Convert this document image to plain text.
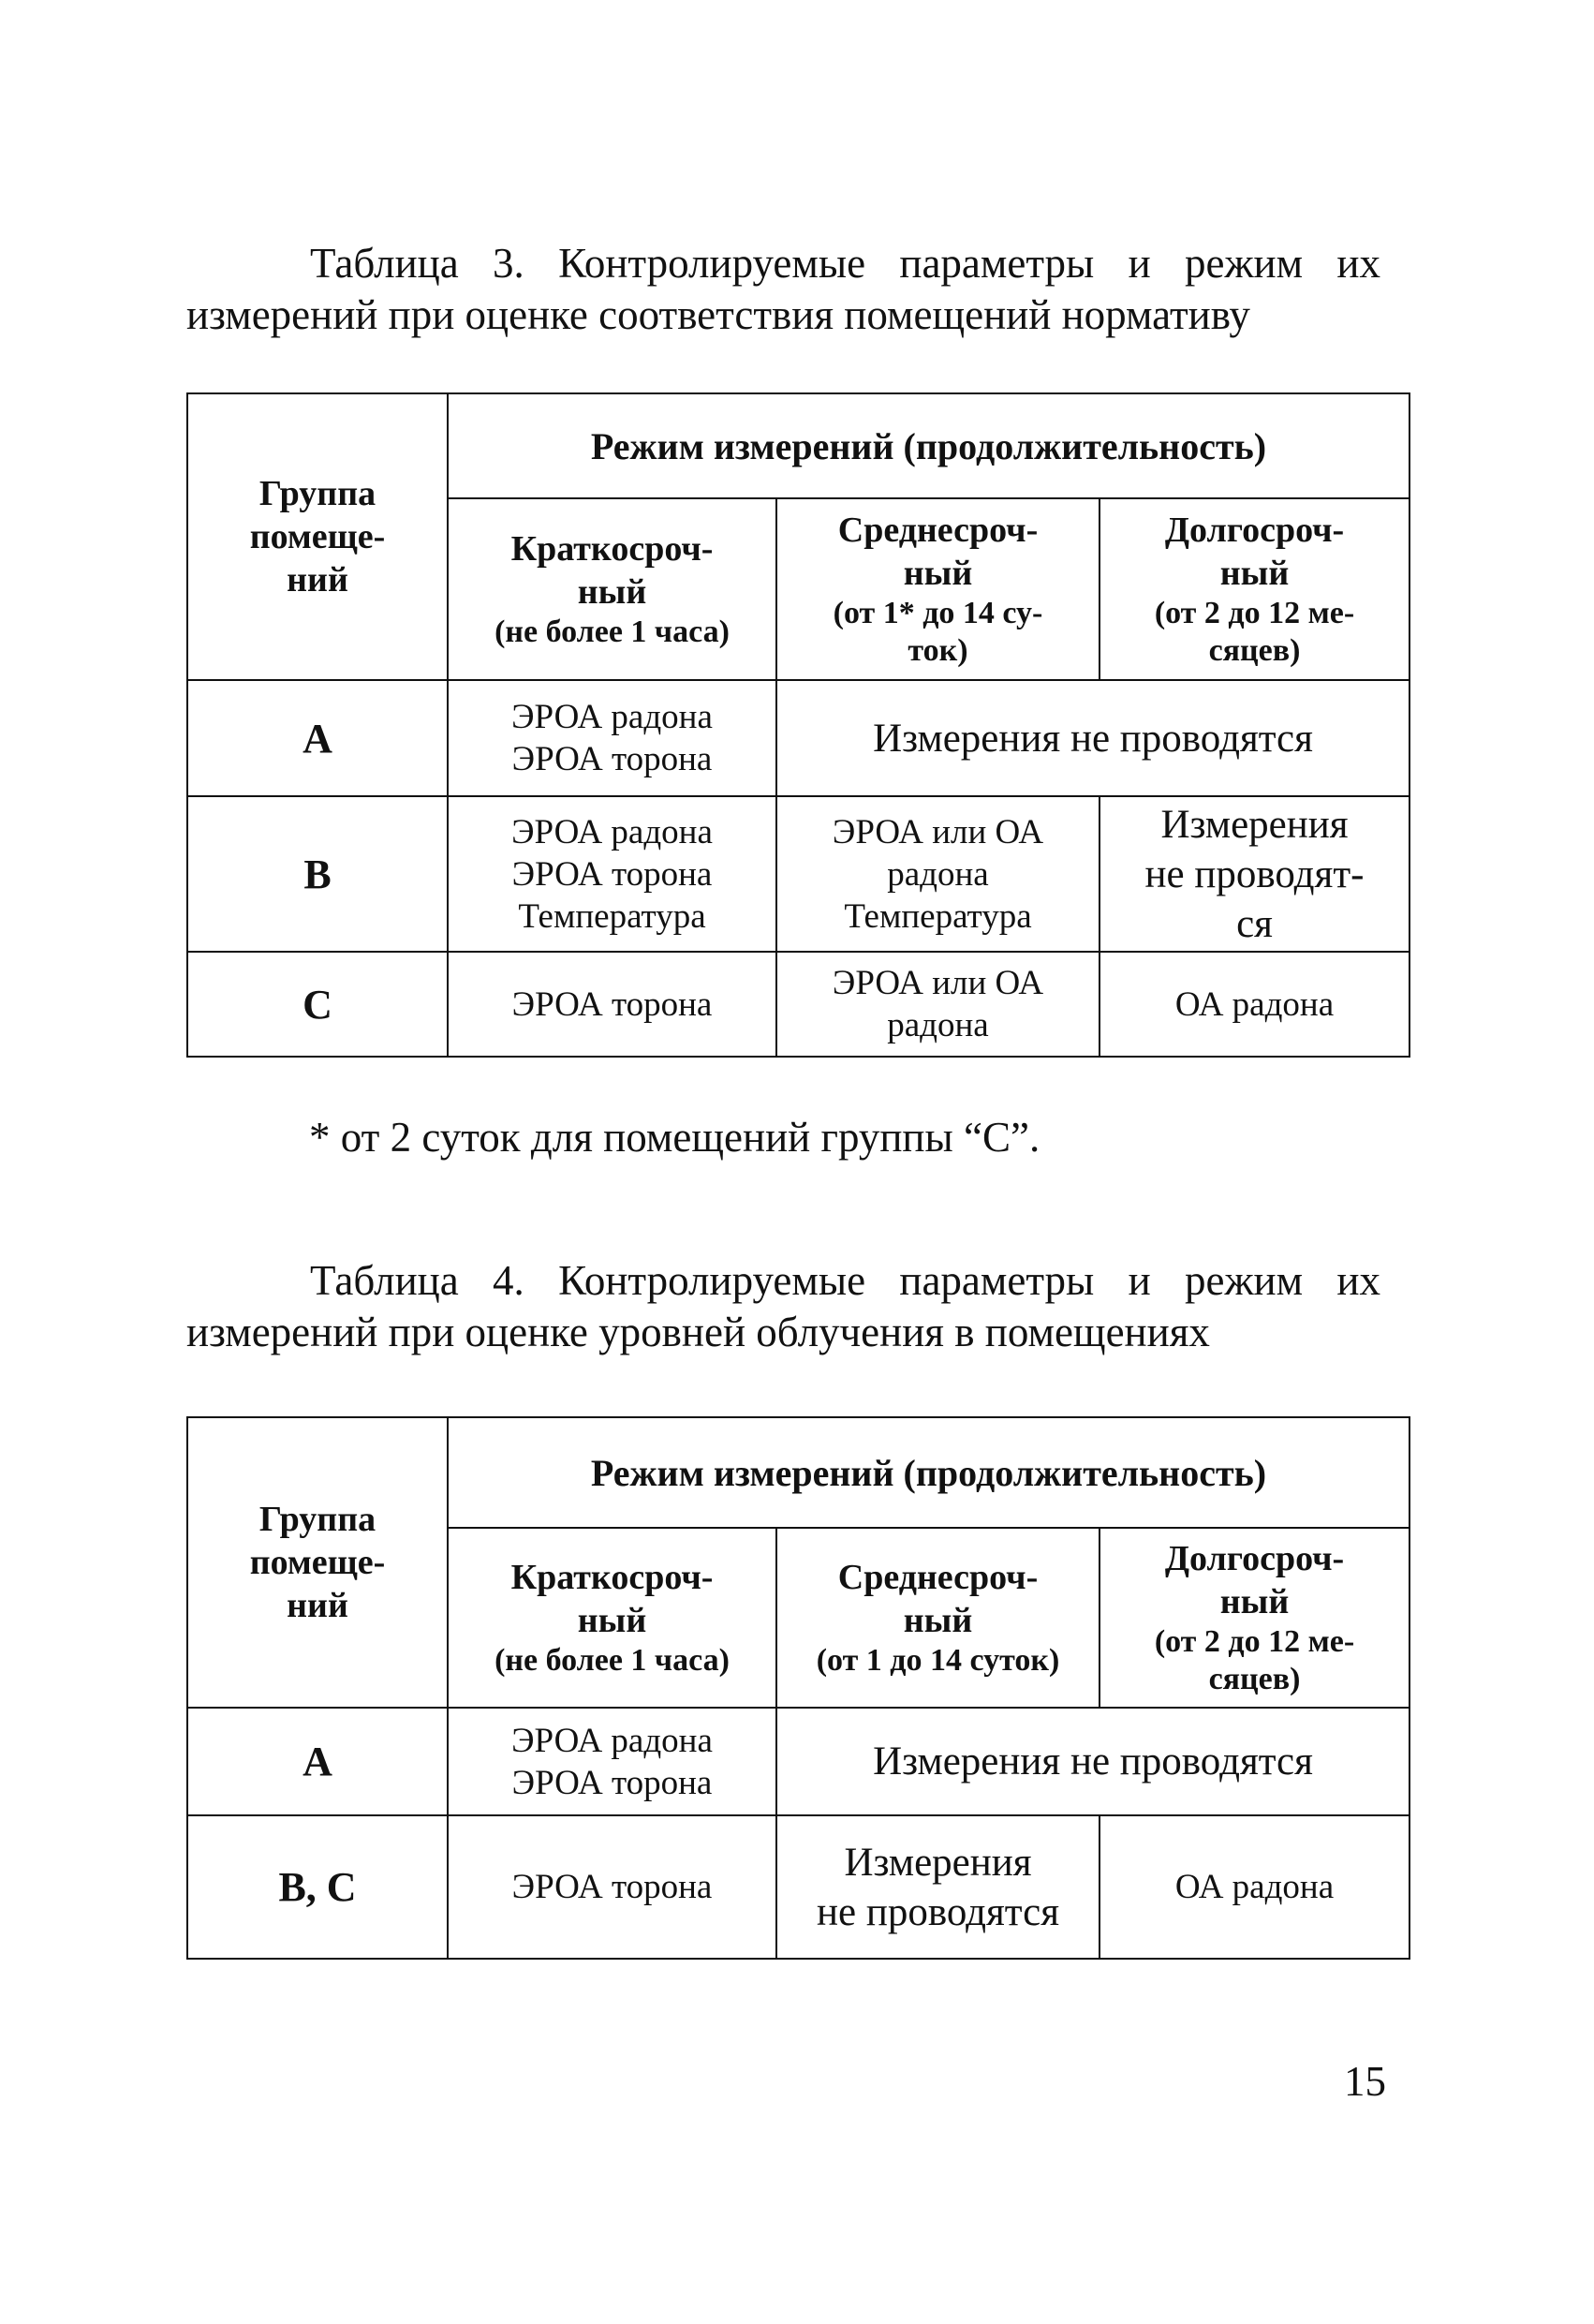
Таблица 3. Контролируемые параметры и режим их измерений при оценке соответствия помещений нормативу
Группа
помеще-
ний	Режим измерений (продолжительность)		

	Краткосроч-
ный
(не более 1 часа)	Среднесроч-
ный
(от 1* до 14 су-
ток)	Долгосроч-
ный
(от 2 до 12 ме-
сяцев)

A	ЭРОА радона
ЭРОА торона	Измерения не проводятся	
B	ЭРОА радона
ЭРОА торона
Температура	ЭРОА или ОА
радона
Температура	Измерения
не проводят-
ся

C	ЭРОА торона	ЭРОА или ОА
радона	ОА радона
* от 2 суток для помещений группы “С”.
Таблица 4. Контролируемые параметры и режим их измерений при оценке уровней облучения в помещениях
Группа
помеще-
ний	Режим измерений (продолжительность)		

	Краткосроч-
ный
(не более 1 часа)	Среднесроч-
ный
(от 1 до 14 суток)	Долгосроч-
ный
(от 2 до 12 ме-
сяцев)

А	ЭРОА радона
ЭРОА торона	Измерения не проводятся	
В, С	ЭРОА торона	Измерения
не проводятся	ОА радона
15
